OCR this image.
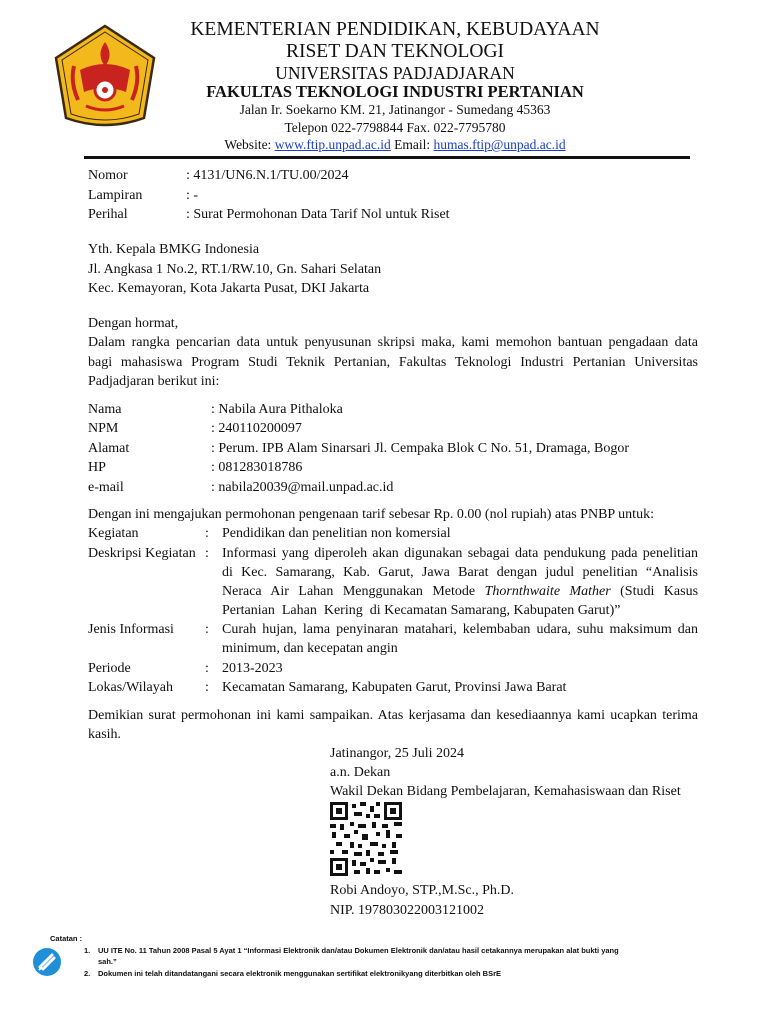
KEMENTERIAN PENDIDIKAN, KEBUDAYAAN
RISET DAN TEKNOLOGI
UNIVERSITAS PADJADJARAN
FAKULTAS TEKNOLOGI INDUSTRI PERTANIAN
Jalan Ir. Soekarno KM. 21, Jatinangor - Sumedang 45363
Telepon 022-7798844 Fax. 022-7795780
Website: www.ftip.unpad.ac.id Email: humas.ftip@unpad.ac.id
Nomor	: 4131/UN6.N.1/TU.00/2024
Lampiran	: -
Perihal	: Surat Permohonan Data Tarif Nol untuk Riset
Yth. Kepala BMKG Indonesia
Jl. Angkasa 1 No.2, RT.1/RW.10, Gn. Sahari Selatan
Kec. Kemayoran, Kota Jakarta Pusat, DKI Jakarta
Dengan hormat,
Dalam rangka pencarian data untuk penyusunan skripsi maka, kami memohon bantuan pengadaan data
bagi mahasiswa Program Studi Teknik Pertanian, Fakultas Teknologi Industri Pertanian Universitas
Padjadjaran berikut ini:
Nama	: Nabila Aura Pithaloka
NPM	: 240110200097
Alamat	: Perum. IPB Alam Sinarsari Jl. Cempaka Blok C No. 51, Dramaga, Bogor
HP	: 081283018786
e-mail	: nabila20039@mail.unpad.ac.id
Dengan ini mengajukan permohonan pengenaan tarif sebesar Rp. 0.00 (nol rupiah) atas PNBP untuk:
Kegiatan	: Pendidikan dan penelitian non komersial
Deskripsi Kegiatan : Informasi yang diperoleh akan digunakan sebagai data pendukung pada penelitian
di Kec. Samarang, Kab. Garut, Jawa Barat dengan judul penelitian “Analisis
Neraca Air Lahan Menggunakan Metode Thornthwaite Mather (Studi Kasus
Pertanian  Lahan  Kering  di Kecamatan Samarang, Kabupaten Garut)”
Jenis Informasi : Curah hujan, lama penyinaran matahari, kelembaban udara, suhu maksimum dan
minimum, dan kecepatan angin
Periode	: 2013-2023
Lokas/Wilayah : Kecamatan Samarang, Kabupaten Garut, Provinsi Jawa Barat
Demikian surat permohonan ini kami sampaikan. Atas kerjasama dan kesediaannya kami ucapkan terima
kasih.
Jatinangor, 25 Juli 2024
a.n. Dekan
Wakil Dekan Bidang Pembelajaran, Kemahasiswaan dan Riset
Robi Andoyo, STP.,M.Sc., Ph.D.
NIP. 197803022003121002
Catatan :
1. UU ITE No. 11 Tahun 2008 Pasal 5 Ayat 1 “Informasi Elektronik dan/atau Dokumen Elektronik dan/atau hasil cetakannya merupakan alat bukti yang
sah.”
2. Dokumen ini telah ditandatangani secara elektronik menggunakan sertifikat elektronikyang diterbitkan oleh BSrE
